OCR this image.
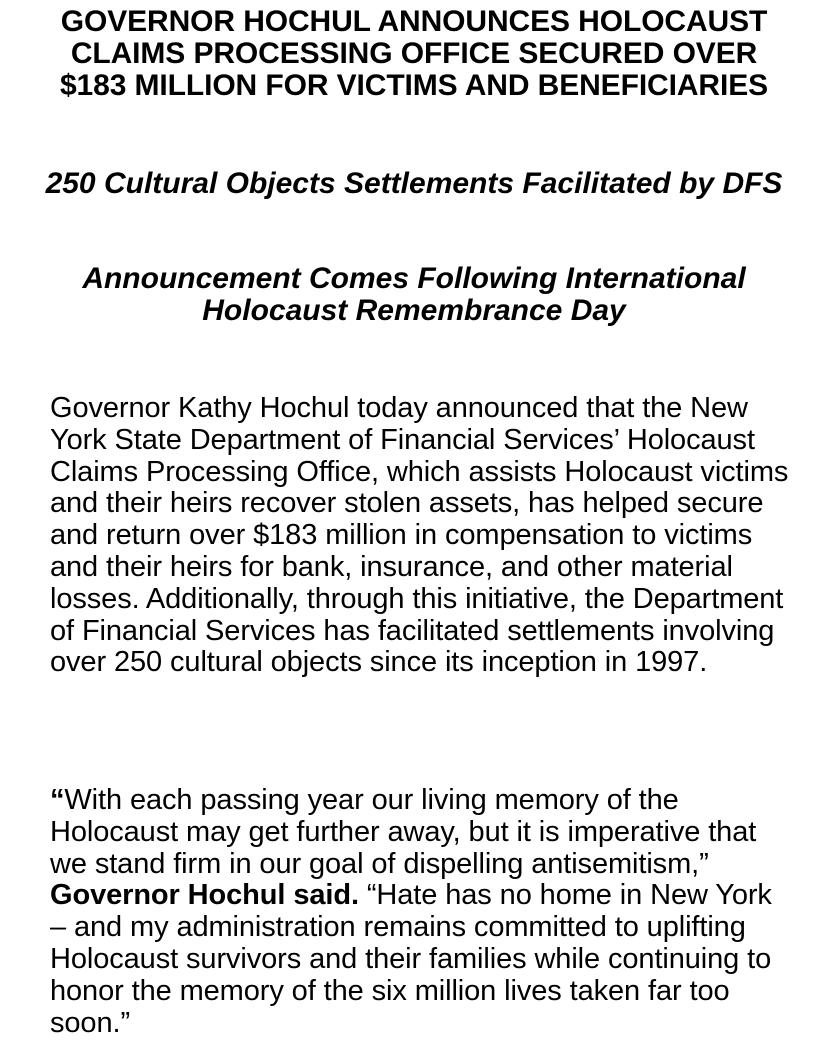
GOVERNOR HOCHUL ANNOUNCES HOLOCAUST CLAIMS PROCESSING OFFICE SECURED OVER $183 MILLION FOR VICTIMS AND BENEFICIARIES
250 Cultural Objects Settlements Facilitated by DFS
Announcement Comes Following International Holocaust Remembrance Day

Governor Kathy Hochul today announced that the New York State Department of Financial Services’ Holocaust Claims Processing Office, which assists Holocaust victims and their heirs recover stolen assets, has helped secure and return over $183 million in compensation to victims and their heirs for bank, insurance, and other material losses. Additionally, through this initiative, the Department of Financial Services has facilitated settlements involving over 250 cultural objects since its inception in 1997.

“With each passing year our living memory of the Holocaust may get further away, but it is imperative that we stand firm in our goal of dispelling antisemitism,” Governor Hochul said. “Hate has no home in New York – and my administration remains committed to uplifting Holocaust survivors and their families while continuing to honor the memory of the six million lives taken far too soon.”
